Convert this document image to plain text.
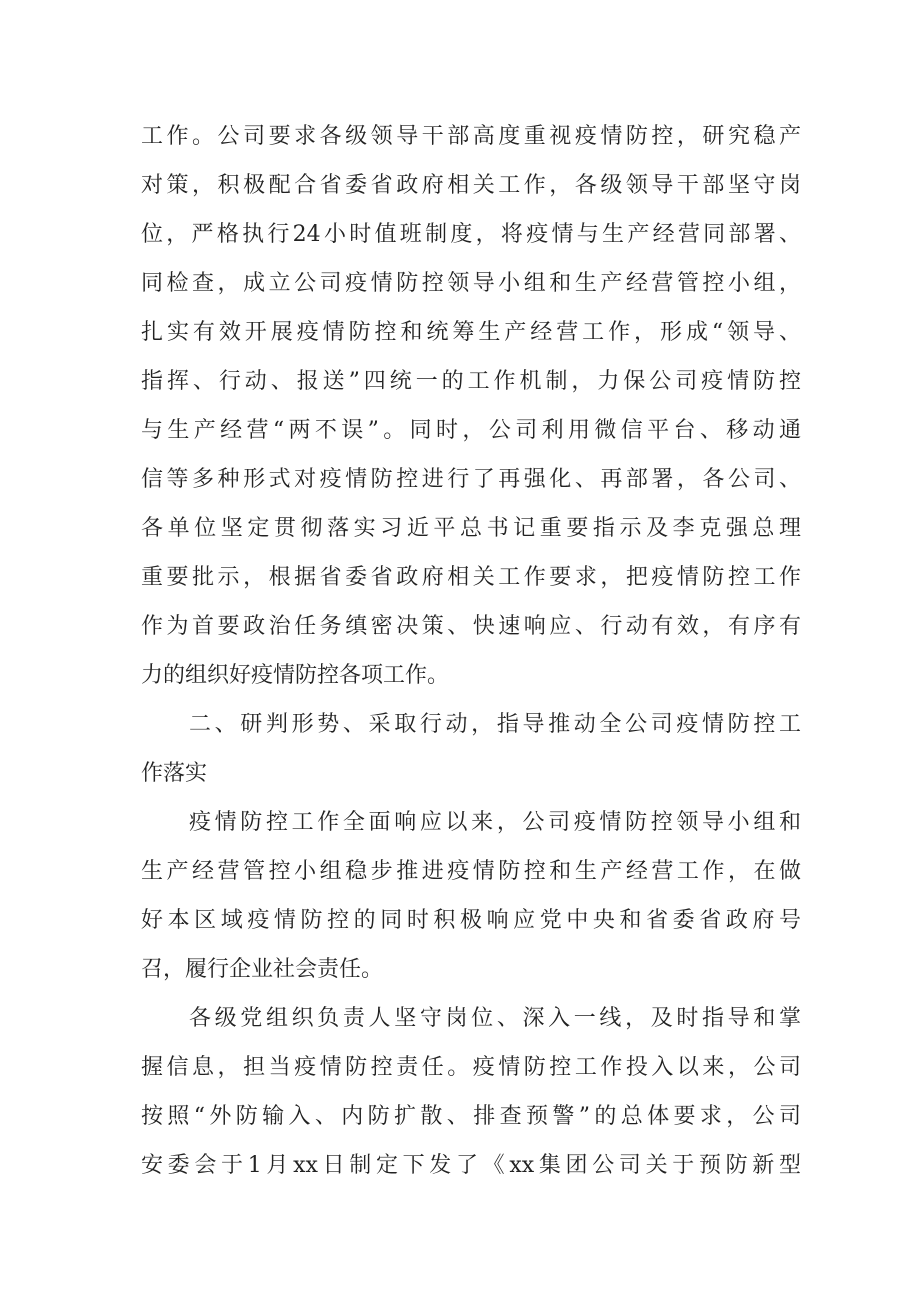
工作。公司要求各级领导干部高度重视疫情防控，研究稳产
对策，积极配合省委省政府相关工作，各级领导干部坚守岗
位，严格执行24小时值班制度，将疫情与生产经营同部署、
同检查，成立公司疫情防控领导小组和生产经营管控小组，
扎实有效开展疫情防控和统筹生产经营工作，形成“领导、
指挥、行动、报送”四统一的工作机制，力保公司疫情防控
与生产经营“两不误”。同时，公司利用微信平台、移动通
信等多种形式对疫情防控进行了再强化、再部署，各公司、
各单位坚定贯彻落实习近平总书记重要指示及李克强总理
重要批示，根据省委省政府相关工作要求，把疫情防控工作
作为首要政治任务缜密决策、快速响应、行动有效，有序有
力的组织好疫情防控各项工作。
二、研判形势、采取行动，指导推动全公司疫情防控工
作落实
疫情防控工作全面响应以来，公司疫情防控领导小组和
生产经营管控小组稳步推进疫情防控和生产经营工作，在做
好本区域疫情防控的同时积极响应党中央和省委省政府号
召，履行企业社会责任。
各级党组织负责人坚守岗位、深入一线，及时指导和掌
握信息，担当疫情防控责任。疫情防控工作投入以来，公司
按照“外防输入、内防扩散、排查预警”的总体要求，公司
安委会于1月xx日制定下发了《xx集团公司关于预防新型
